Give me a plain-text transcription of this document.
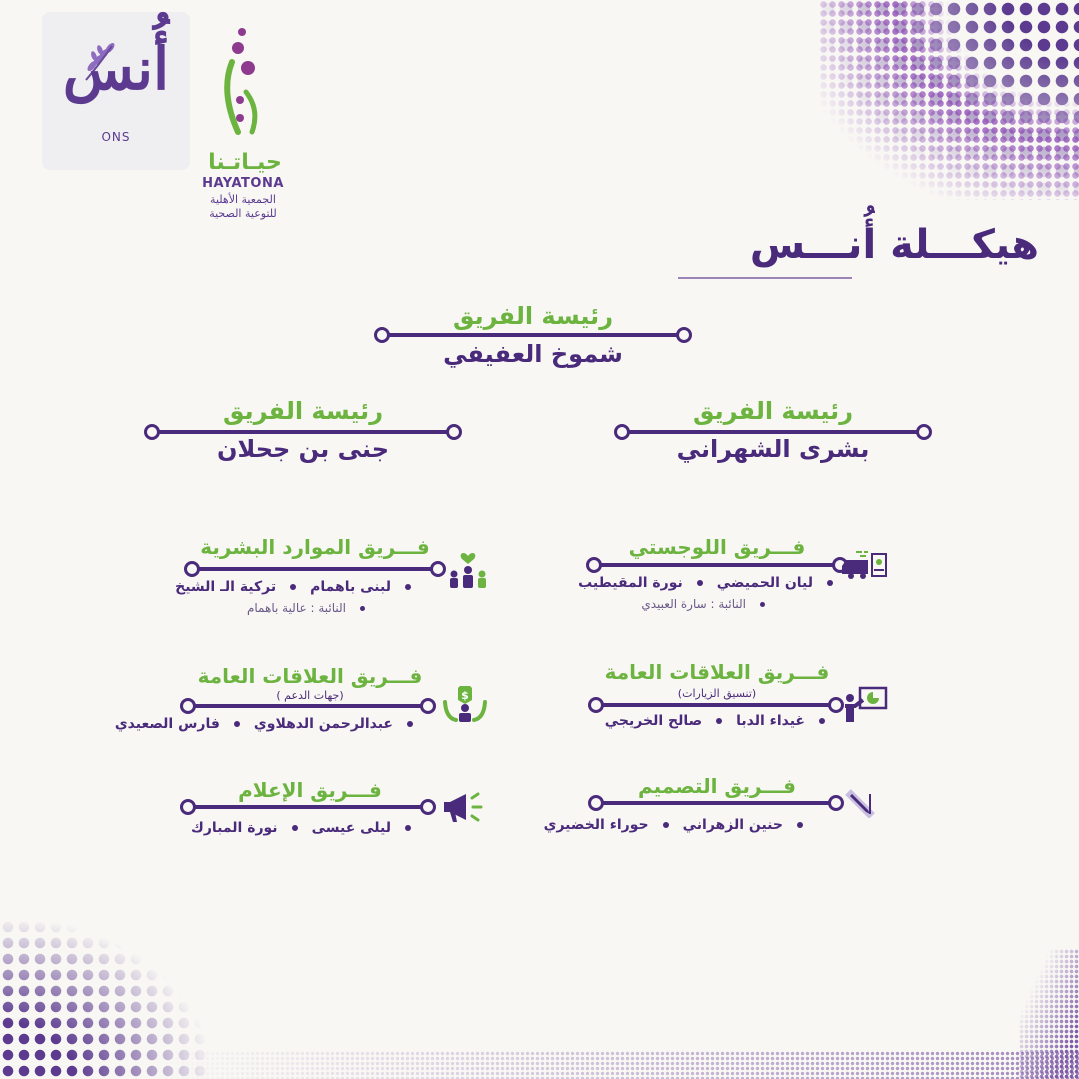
أُنس
ONS
حيـاتـنا
HAYATONA
الجمعية الأهلية
للتوعية الصحية
هيكـــلة أُنـــس
رئيسة الفريق
شموخ العفيفي
رئيسة الفريق
جنى بن جحلان
رئيسة الفريق
بشرى الشهراني
فـــريق اللوجستي
ليان الحميضينورة المقيطيب
النائبة : سارة العبيدي
فـــريق الموارد البشرية
لبنى باهمامتركية الـ الشيخ
النائبة : عالية باهمام
فـــريق العلاقات العامة
(تنسيق الزيارات)
غيداء الدباصالح الخريجي
فـــريق العلاقات العامة
( جهات الدعم)	$
عبدالرحمن الدهلاويفارس الصعيدي
فـــريق التصميم
حنين الزهرانيحوراء الخضيري
فـــريق الإعلام
ليلى عيسىنورة المبارك
